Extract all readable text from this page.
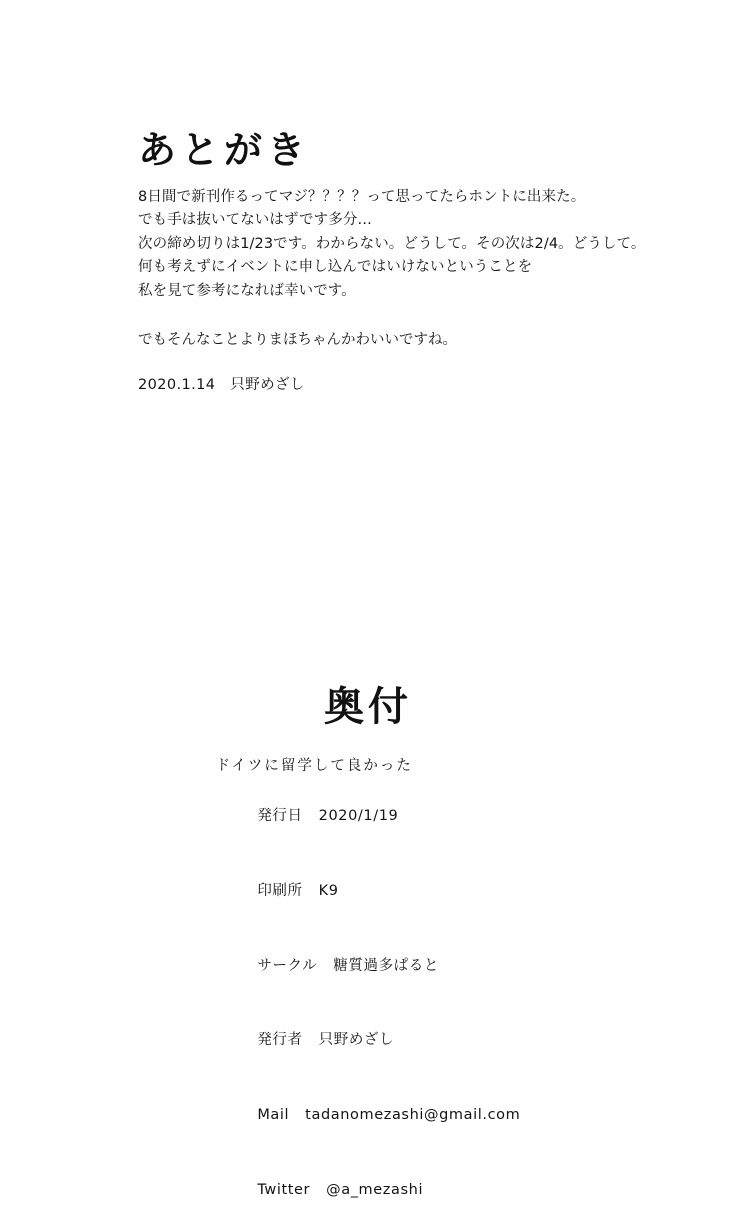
あとがき

8日間で新刊作るってマジ？？？？って思ってたらホントに出来た。

でも手は抜いてないはずです多分…

次の締め切りは1/23です。わからない。どうして。その次は2/4。どうして。

何も考えずにイベントに申し込んではいけないということを

私を見て参考になれば幸いです。

でもそんなことよりまほちゃんかわいいですね。
2020.1.14　只野めざし
奥付
ドイツに留学して良かった

発行日 2020/1/19

印刷所 K9

サークル 糖質過多ぱると

発行者 只野めざし

Mail tadanomezashi@gmail.com

Twitter @a_mezashi
